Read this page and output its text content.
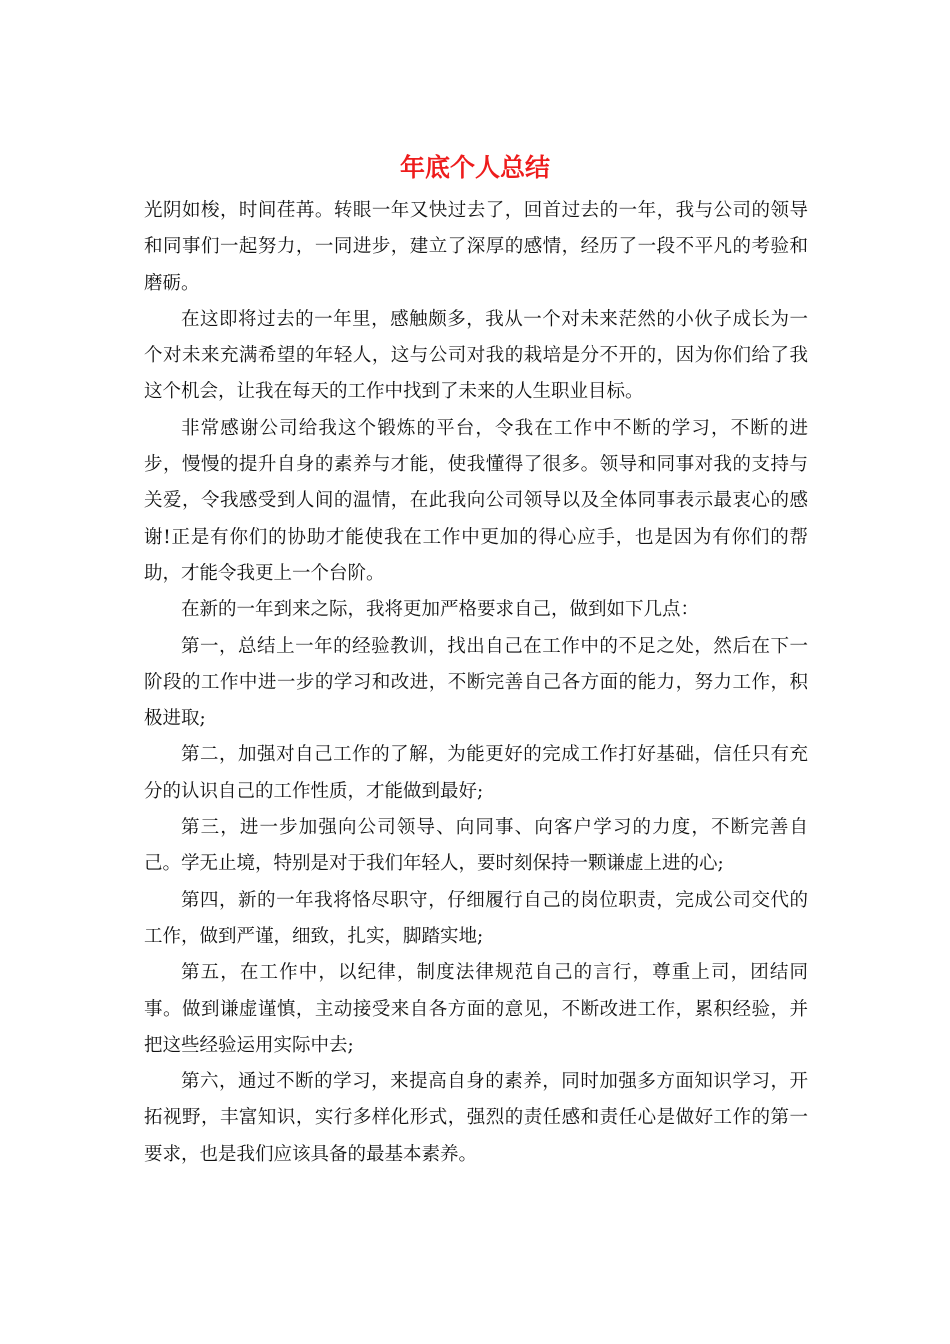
年底个人总结

光阴如梭，时间荏苒。转眼一年又快过去了，回首过去的一年，我与公司的领导和同事们一起努力，一同进步，建立了深厚的感情，经历了一段不平凡的考验和磨砺。

在这即将过去的一年里，感触颇多，我从一个对未来茫然的小伙子成长为一个对未来充满希望的年轻人，这与公司对我的栽培是分不开的，因为你们给了我这个机会，让我在每天的工作中找到了未来的人生职业目标。

非常感谢公司给我这个锻炼的平台，令我在工作中不断的学习，不断的进步，慢慢的提升自身的素养与才能，使我懂得了很多。领导和同事对我的支持与关爱，令我感受到人间的温情，在此我向公司领导以及全体同事表示最衷心的感谢!正是有你们的协助才能使我在工作中更加的得心应手，也是因为有你们的帮助，才能令我更上一个台阶。

在新的一年到来之际，我将更加严格要求自己，做到如下几点：

第一，总结上一年的经验教训，找出自己在工作中的不足之处，然后在下一阶段的工作中进一步的学习和改进，不断完善自己各方面的能力，努力工作，积极进取;

第二，加强对自己工作的了解，为能更好的完成工作打好基础，信任只有充分的认识自己的工作性质，才能做到最好;

第三，进一步加强向公司领导、向同事、向客户学习的力度，不断完善自己。学无止境，特别是对于我们年轻人，要时刻保持一颗谦虚上进的心;

第四，新的一年我将恪尽职守，仔细履行自己的岗位职责，完成公司交代的工作，做到严谨，细致，扎实，脚踏实地;

第五，在工作中，以纪律，制度法律规范自己的言行，尊重上司，团结同事。做到谦虚谨慎，主动接受来自各方面的意见，不断改进工作，累积经验，并把这些经验运用实际中去;

第六，通过不断的学习，来提高自身的素养，同时加强多方面知识学习，开拓视野，丰富知识，实行多样化形式，强烈的责任感和责任心是做好工作的第一要求，也是我们应该具备的最基本素养。
